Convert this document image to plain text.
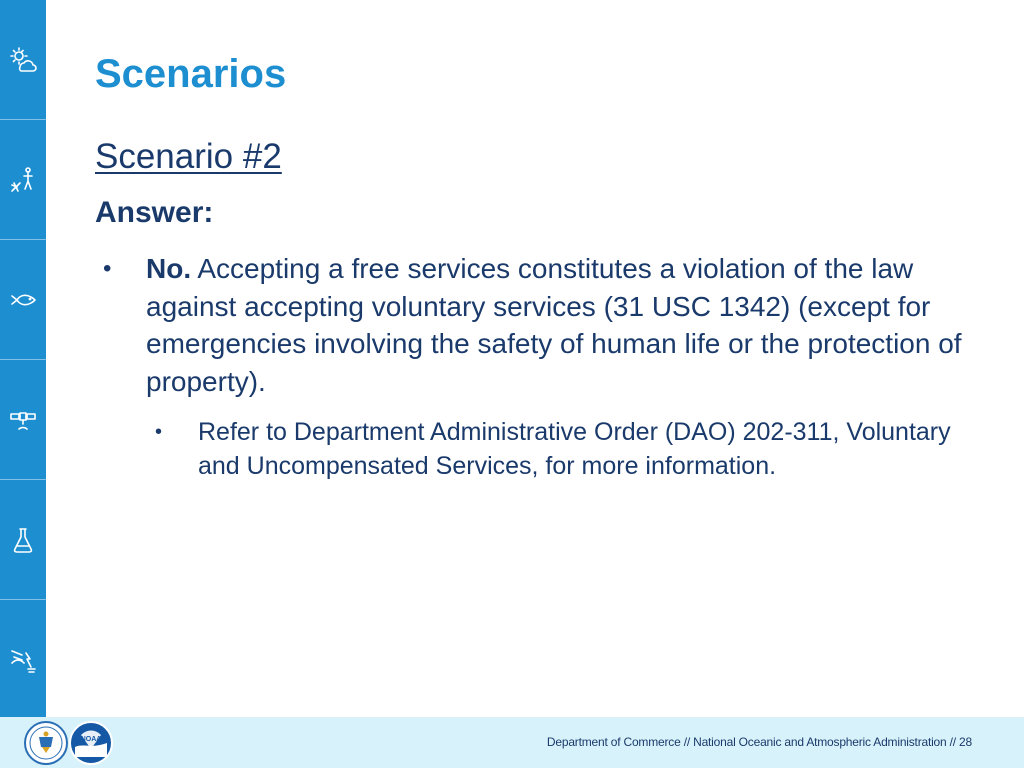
Scenarios
Scenario #2
Answer:
• No. Accepting a free services constitutes a violation of the law against accepting voluntary services (31 USC 1342) (except for emergencies involving the safety of human life or the protection of property).
• Refer to Department Administrative Order (DAO) 202-311, Voluntary and Uncompensated Services, for more information.
NOAA	Department of Commerce // National Oceanic and Atmospheric Administration // 28
